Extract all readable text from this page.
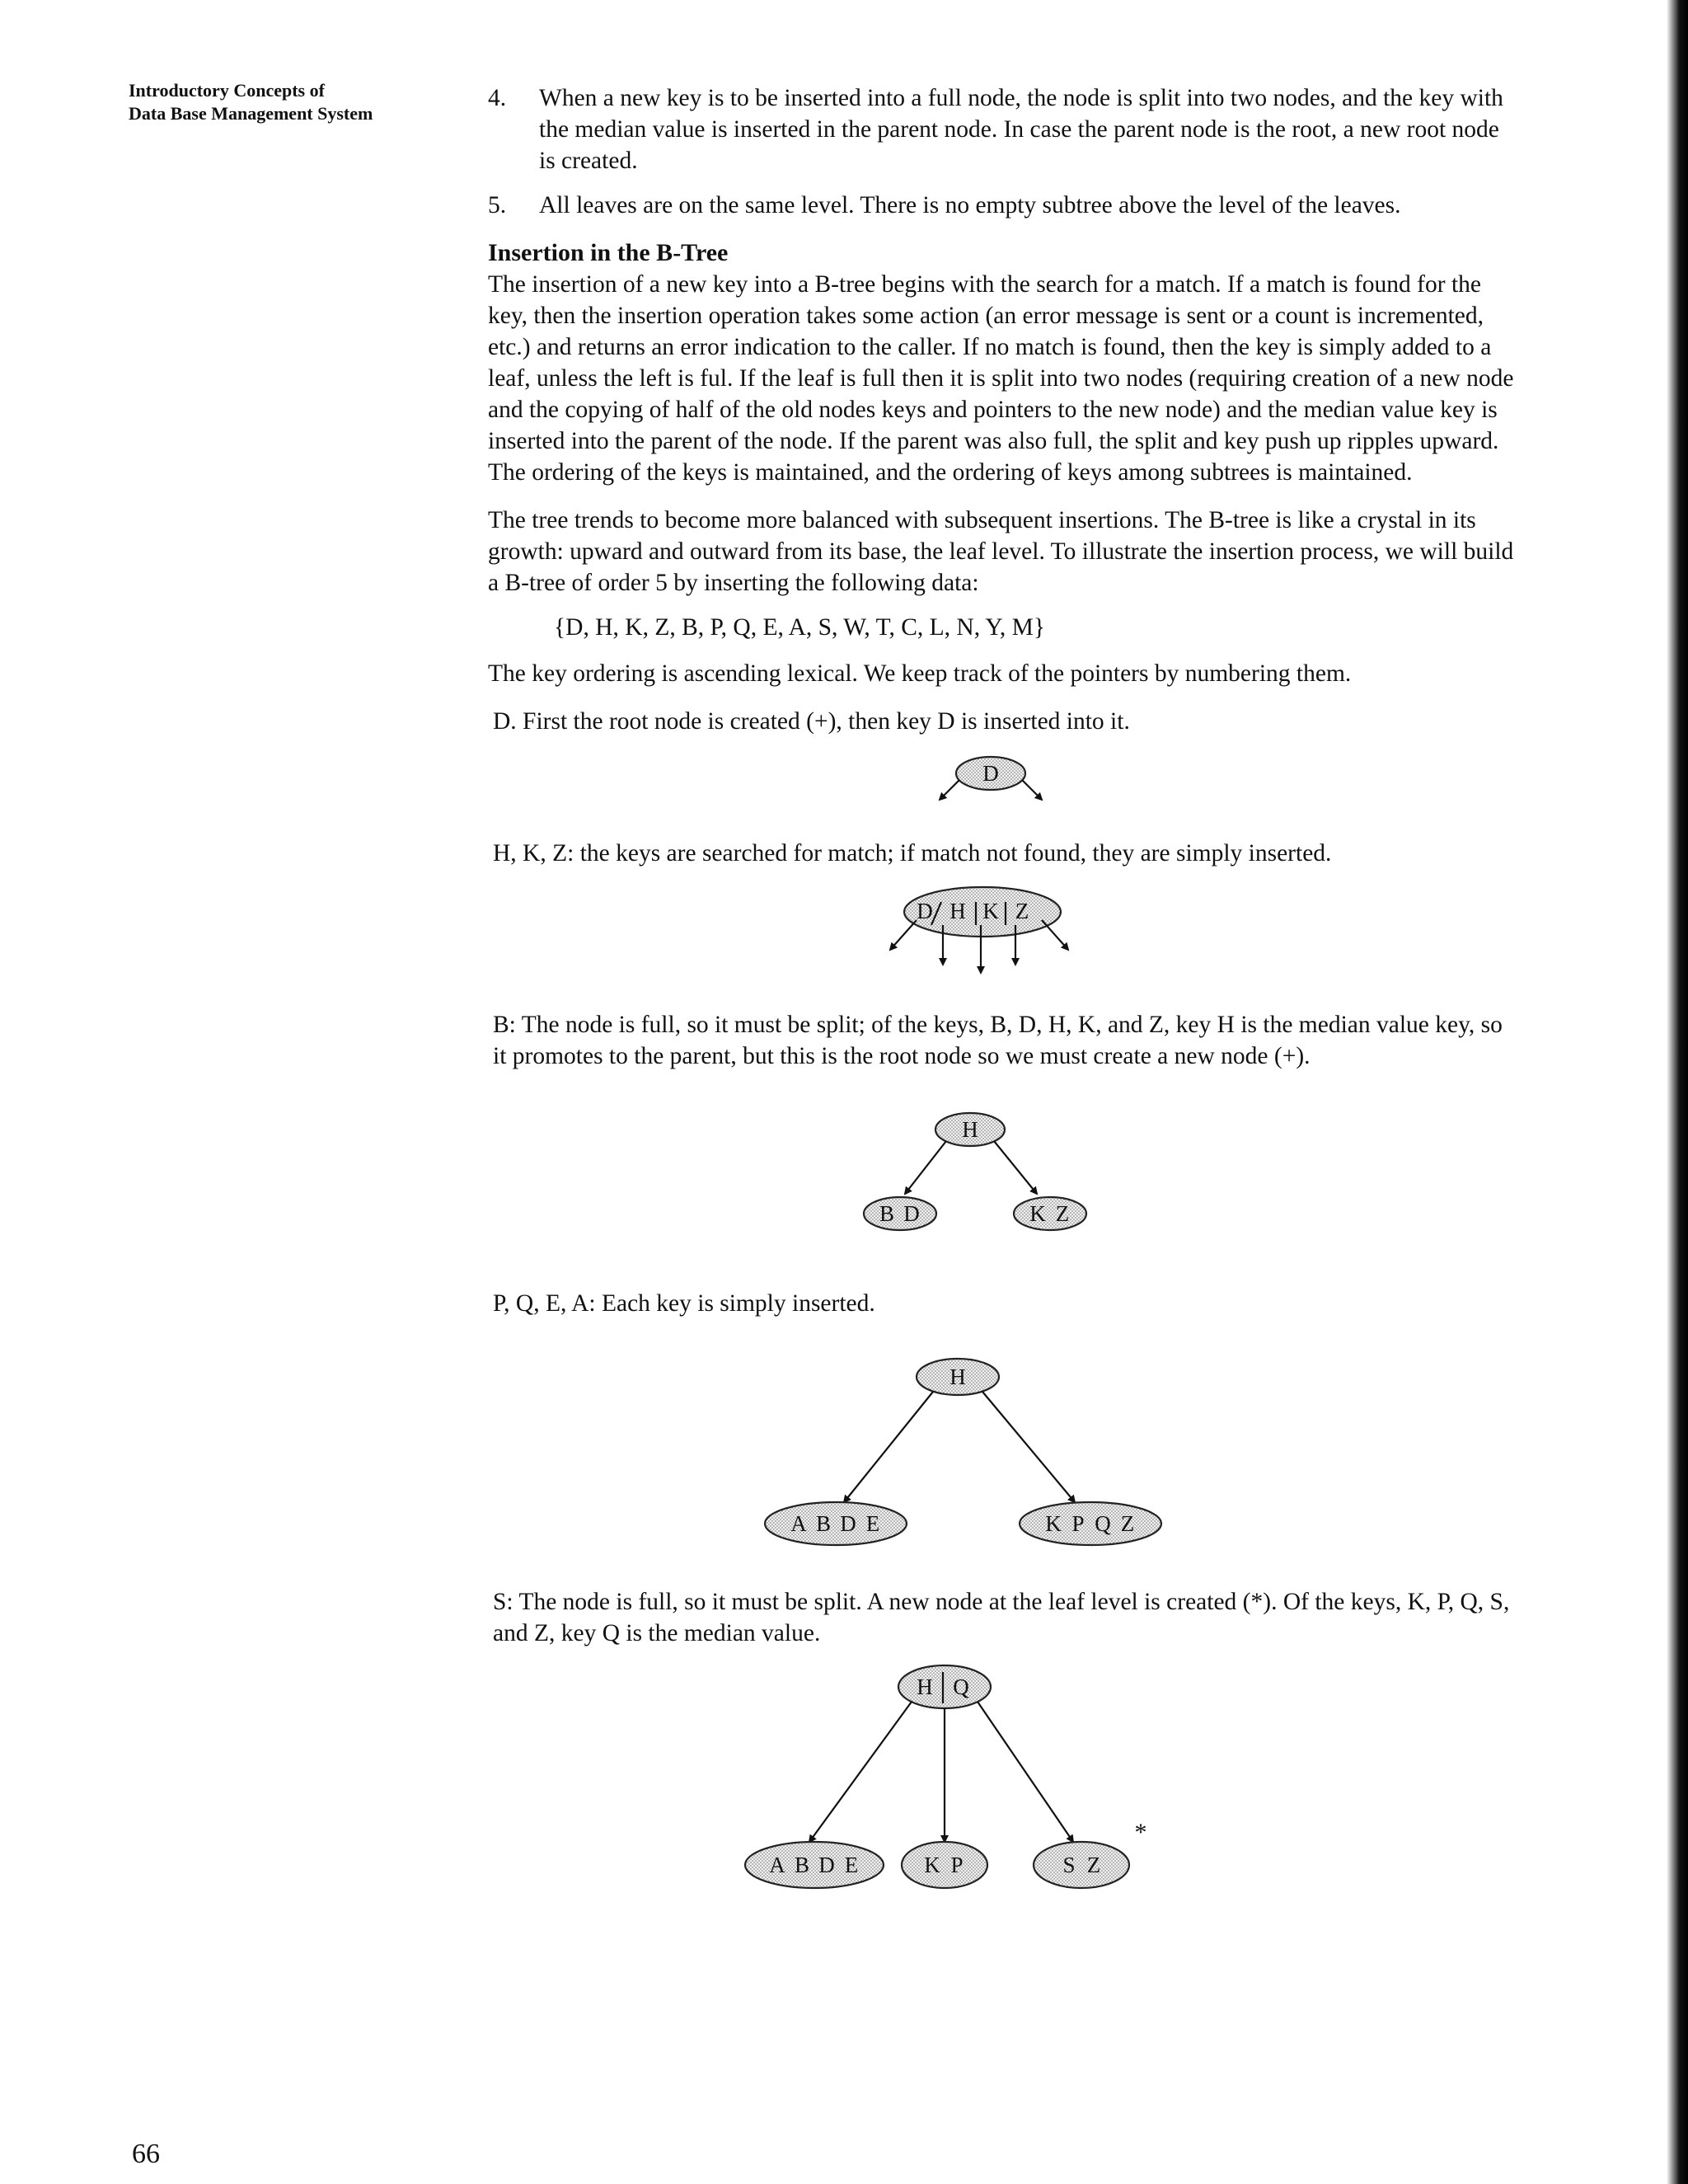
Introductory Concepts of
Data Base Management System
4.	When a new key is to be inserted into a full node, the node is split into two nodes, and the key with the median value is inserted in the parent node. In case the parent node is the root, a new root node is created.

5.	All leaves are on the same level. There is no empty subtree above the level of the leaves.

Insertion in the B-Tree

The insertion of a new key into a B-tree begins with the search for a match. If a match is found for the key, then the insertion operation takes some action (an error message is sent or a count is incremented, etc.) and returns an error indication to the caller. If no match is found, then the key is simply added to a leaf, unless the left is ful. If the leaf is full then it is split into two nodes (requiring creation of a new node and the copying of half of the old nodes keys and pointers to the new node) and the median value key is inserted into the parent of the node. If the parent was also full, the split and key push up ripples upward. The ordering of the keys is maintained, and the ordering of keys among subtrees is maintained.

The tree trends to become more balanced with subsequent insertions. The B-tree is like a crystal in its growth: upward and outward from its base, the leaf level. To illustrate the insertion process, we will build a B-tree of order 5 by inserting the following data:

{D, H, K, Z, B, P, Q, E, A, S, W, T, C, L, N, Y, M}

The key ordering is ascending lexical. We keep track of the pointers by numbering them.

D. First the root node is created (+), then key D is inserted into it.

D

H, K, Z: the keys are searched for match; if match not found, they are simply inserted.

D H K Z

B: The node is full, so it must be split; of the keys, B, D, H, K, and Z, key H is the median value key, so it promotes to the parent, but this is the root node so we must create a new node (+).

H
B D	K Z

P, Q, E, A: Each key is simply inserted.

H
A B D E	K P Q Z

S: The node is full, so it must be split. A new node at the leaf level is created (*). Of the keys, K, P, Q, S, and Z, key Q is the median value.

H Q
A B D E	K P	S Z
*
66
